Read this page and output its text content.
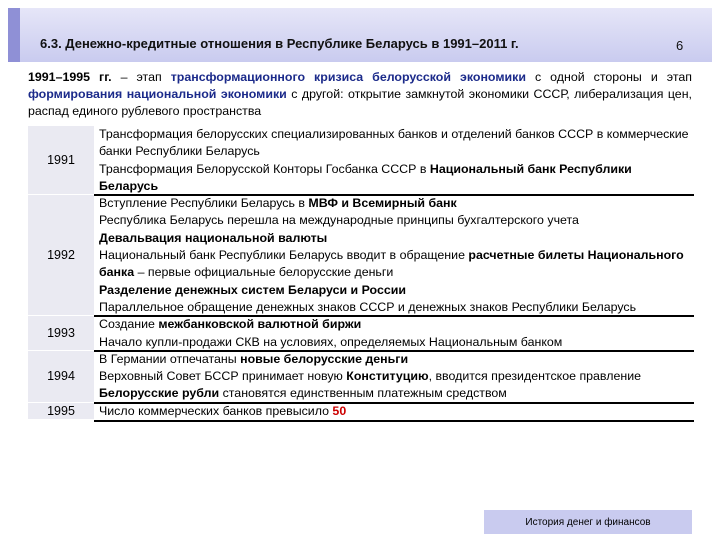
6.3. Денежно-кредитные отношения в Республике Беларусь в 1991–2011 г.	6
1991–1995 гг. – этап трансформационного кризиса белорусской экономики с одной стороны и этап формирования национальной экономики с другой: открытие замкнутой экономики СССР, либерализация цен, распад единого рублевого пространства
1991
Трансформация белорусских специализированных банков и отделений банков СССР в коммерческие банки Республики Беларусь
Трансформация Белорусской Конторы Госбанка СССР в Национальный банк Республики Беларусь
1992
Вступление Республики Беларусь в МВФ и Всемирный банк
Республика Беларусь перешла на международные принципы бухгалтерского учета
Девальвация национальной валюты
Национальный банк Республики Беларусь вводит в обращение расчетные билеты Национального банка – первые официальные белорусские деньги
Разделение денежных систем Беларуси и России
Параллельное обращение денежных знаков СССР и денежных знаков Республики Беларусь
1993
Создание межбанковской валютной биржи
Начало купли-продажи СКВ на условиях, определяемых Национальным банком
1994
В Германии отпечатаны новые белорусские деньги
Верховный Совет БССР принимает новую Конституцию, вводится президентское правление
Белорусские рубли становятся единственным платежным средством
1995	Число коммерческих банков превысило 50
История денег и финансов
